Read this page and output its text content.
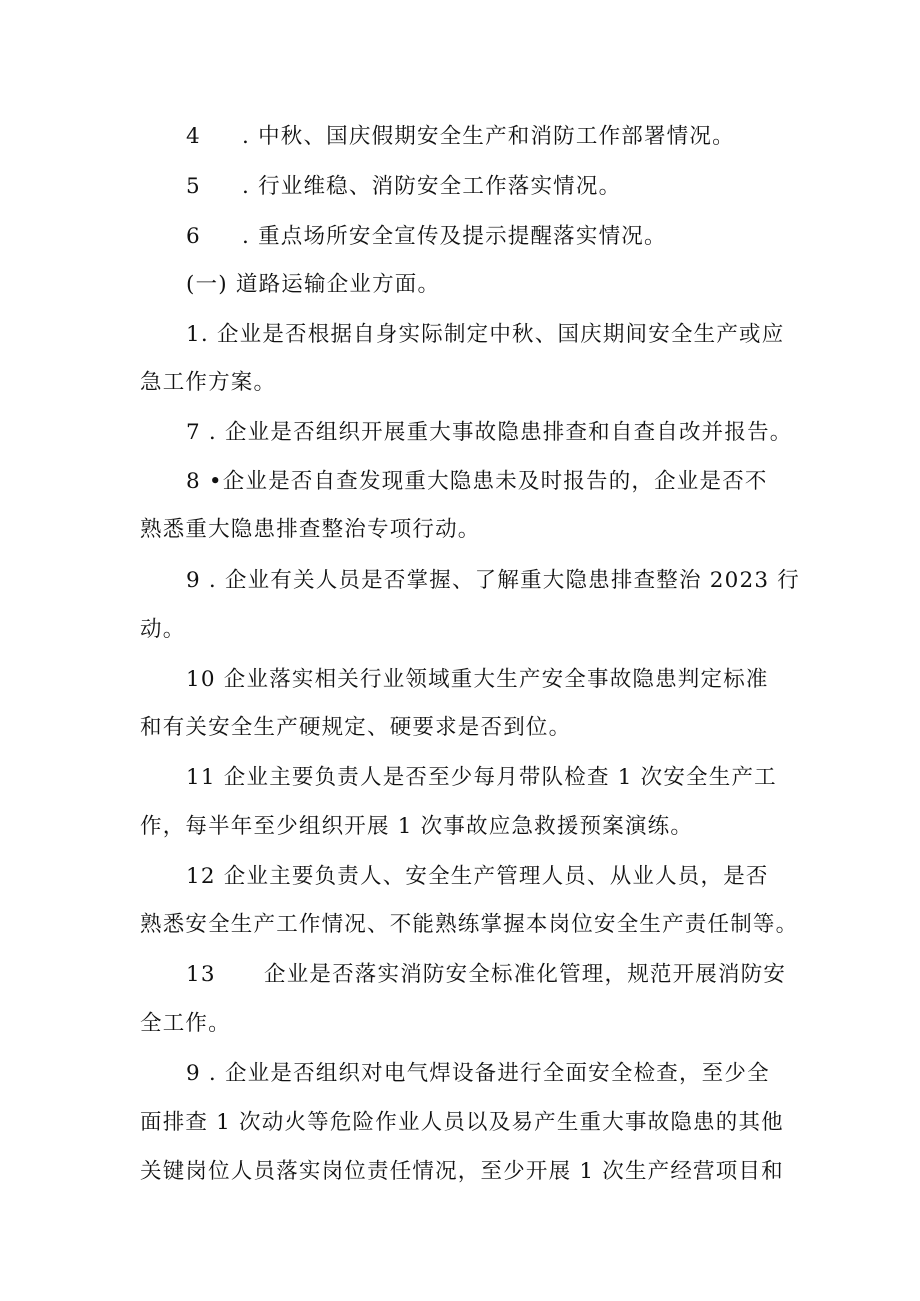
4 . 中秋、国庆假期安全生产和消防工作部署情况。
5 . 行业维稳、消防安全工作落实情况。
6 . 重点场所安全宣传及提示提醒落实情况。
(一) 道路运输企业方面。
1. 企业是否根据自身实际制定中秋、国庆期间安全生产或应
急工作方案。
7 . 企业是否组织开展重大事故隐患排查和自查自改并报告。
8 •企业是否自查发现重大隐患未及时报告的，企业是否不
熟悉重大隐患排查整治专项行动。
9 . 企业有关人员是否掌握、了解重大隐患排查整治 2023 行
动。
10 企业落实相关行业领域重大生产安全事故隐患判定标准
和有关安全生产硬规定、硬要求是否到位。
11 企业主要负责人是否至少每月带队检查 1 次安全生产工
作，每半年至少组织开展 1 次事故应急救援预案演练。
12 企业主要负责人、安全生产管理人员、从业人员，是否
熟悉安全生产工作情况、不能熟练掌握本岗位安全生产责任制等。
13 企业是否落实消防安全标准化管理，规范开展消防安
全工作。
9 . 企业是否组织对电气焊设备进行全面安全检查，至少全
面排查 1 次动火等危险作业人员以及易产生重大事故隐患的其他
关键岗位人员落实岗位责任情况，至少开展 1 次生产经营项目和
